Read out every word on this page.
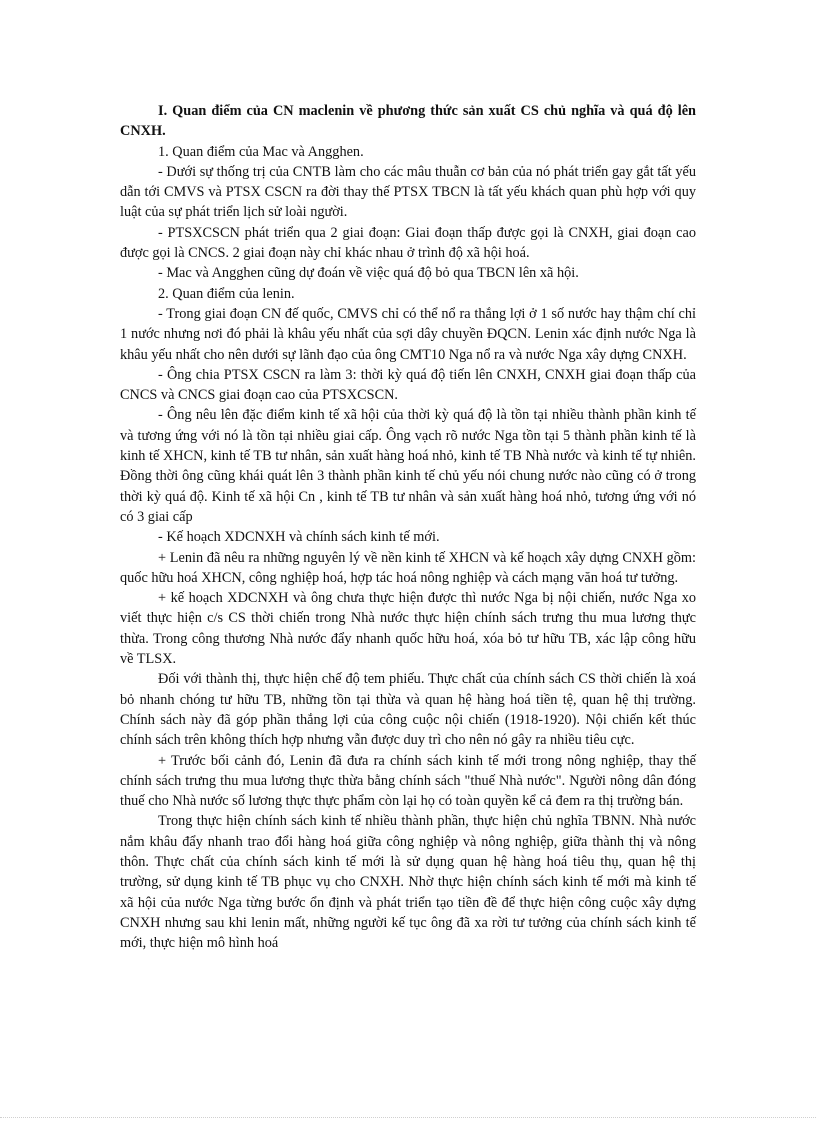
I. Quan điểm của CN maclenin về phương thức sản xuất CS chủ nghĩa và quá độ lên CNXH.

1. Quan điểm của Mac và Angghen.

- Dưới sự thống trị của CNTB làm cho các mâu thuẫn cơ bản của nó phát triển gay gắt tất yếu dẫn tới CMVS và PTSX CSCN ra đời thay thế PTSX TBCN là tất yếu khách quan phù hợp với quy luật của sự phát triển lịch sử loài người.

- PTSXCSCN phát triển qua 2 giai đoạn: Giai đoạn thấp được gọi là CNXH, giai đoạn cao được gọi là CNCS. 2 giai đoạn này chỉ khác nhau ở trình độ xã hội hoá.

- Mac và Angghen cũng dự đoán về việc quá độ bỏ qua TBCN lên xã hội.

2. Quan điểm của lenin.

- Trong giai đoạn CN đế quốc, CMVS chỉ có thể nổ ra thắng lợi ở 1 số nước hay thậm chí chỉ 1 nước nhưng nơi đó phải là khâu yếu nhất của sợi dây chuyền ĐQCN. Lenin xác định nước Nga là khâu yếu nhất cho nên dưới sự lãnh đạo của ông CMT10 Nga nổ ra và nước Nga xây dựng CNXH.

- Ông chia PTSX CSCN ra làm 3: thời kỳ quá độ tiến lên CNXH, CNXH giai đoạn thấp của CNCS và CNCS giai đoạn cao của PTSXCSCN.

- Ông nêu lên đặc điểm kinh tế xã hội của thời kỳ quá độ là tồn tại nhiều thành phần kinh tế và tương ứng với nó là tồn tại nhiều giai cấp. Ông vạch rõ nước Nga tồn tại 5 thành phần kinh tế là kinh tế XHCN, kinh tế TB tư nhân, sản xuất hàng hoá nhỏ, kinh tế TB Nhà nước và kinh tế tự nhiên. Đồng thời ông cũng khái quát lên 3 thành phần kinh tế chủ yếu nói chung nước nào cũng có ở trong thời kỳ quá độ. Kinh tế xã hội Cn , kinh tế TB tư nhân và sản xuất hàng hoá nhỏ, tương ứng với nó có 3 giai cấp

- Kế hoạch XDCNXH và chính sách kinh tế mới.

+ Lenin đã nêu ra những nguyên lý về nền kinh tế XHCN và kế hoạch xây dựng CNXH gồm: quốc hữu hoá XHCN, công nghiệp hoá, hợp tác hoá nông nghiệp và cách mạng văn hoá tư tưởng.

+ kế hoạch XDCNXH và ông chưa thực hiện được thì nước Nga bị nội chiến, nước Nga xo viết thực hiện c/s CS thời chiến trong Nhà nước thực hiện chính sách trưng thu mua lương thực thừa. Trong công thương Nhà nước đẩy nhanh quốc hữu hoá, xóa bỏ tư hữu TB, xác lập công hữu về TLSX.

Đối với thành thị, thực hiện chế độ tem phiếu. Thực chất của chính sách CS thời chiến là xoá bỏ nhanh chóng tư hữu TB, những tồn tại thừa và quan hệ hàng hoá tiền tệ, quan hệ thị trường. Chính sách này đã góp phần thắng lợi của công cuộc nội chiến (1918-1920). Nội chiến kết thúc chính sách trên không thích hợp nhưng vẫn được duy trì cho nên nó gây ra nhiều tiêu cực.

+ Trước bối cảnh đó, Lenin đã đưa ra chính sách kinh tế mới trong nông nghiệp, thay thế chính sách trưng thu mua lương thực thừa bằng chính sách "thuế Nhà nước". Người nông dân đóng thuế cho Nhà nước số lương thực thực phẩm còn lại họ có toàn quyền kể cả đem ra thị trường bán.

Trong thực hiện chính sách kinh tế nhiều thành phần, thực hiện chủ nghĩa TBNN. Nhà nước nắm khâu đẩy nhanh trao đổi hàng hoá giữa công nghiệp và nông nghiệp, giữa thành thị và nông thôn. Thực chất của chính sách kinh tế mới là sử dụng quan hệ hàng hoá tiêu thụ, quan hệ thị trường, sử dụng kinh tế TB phục vụ cho CNXH. Nhờ thực hiện chính sách kinh tế mới mà kinh tế xã hội của nước Nga từng bước ổn định và phát triển tạo tiền đề để thực hiện công cuộc xây dựng CNXH nhưng sau khi lenin mất, những người kế tục ông đã xa rời tư tưởng của chính sách kinh tế mới, thực hiện mô hình hoá
